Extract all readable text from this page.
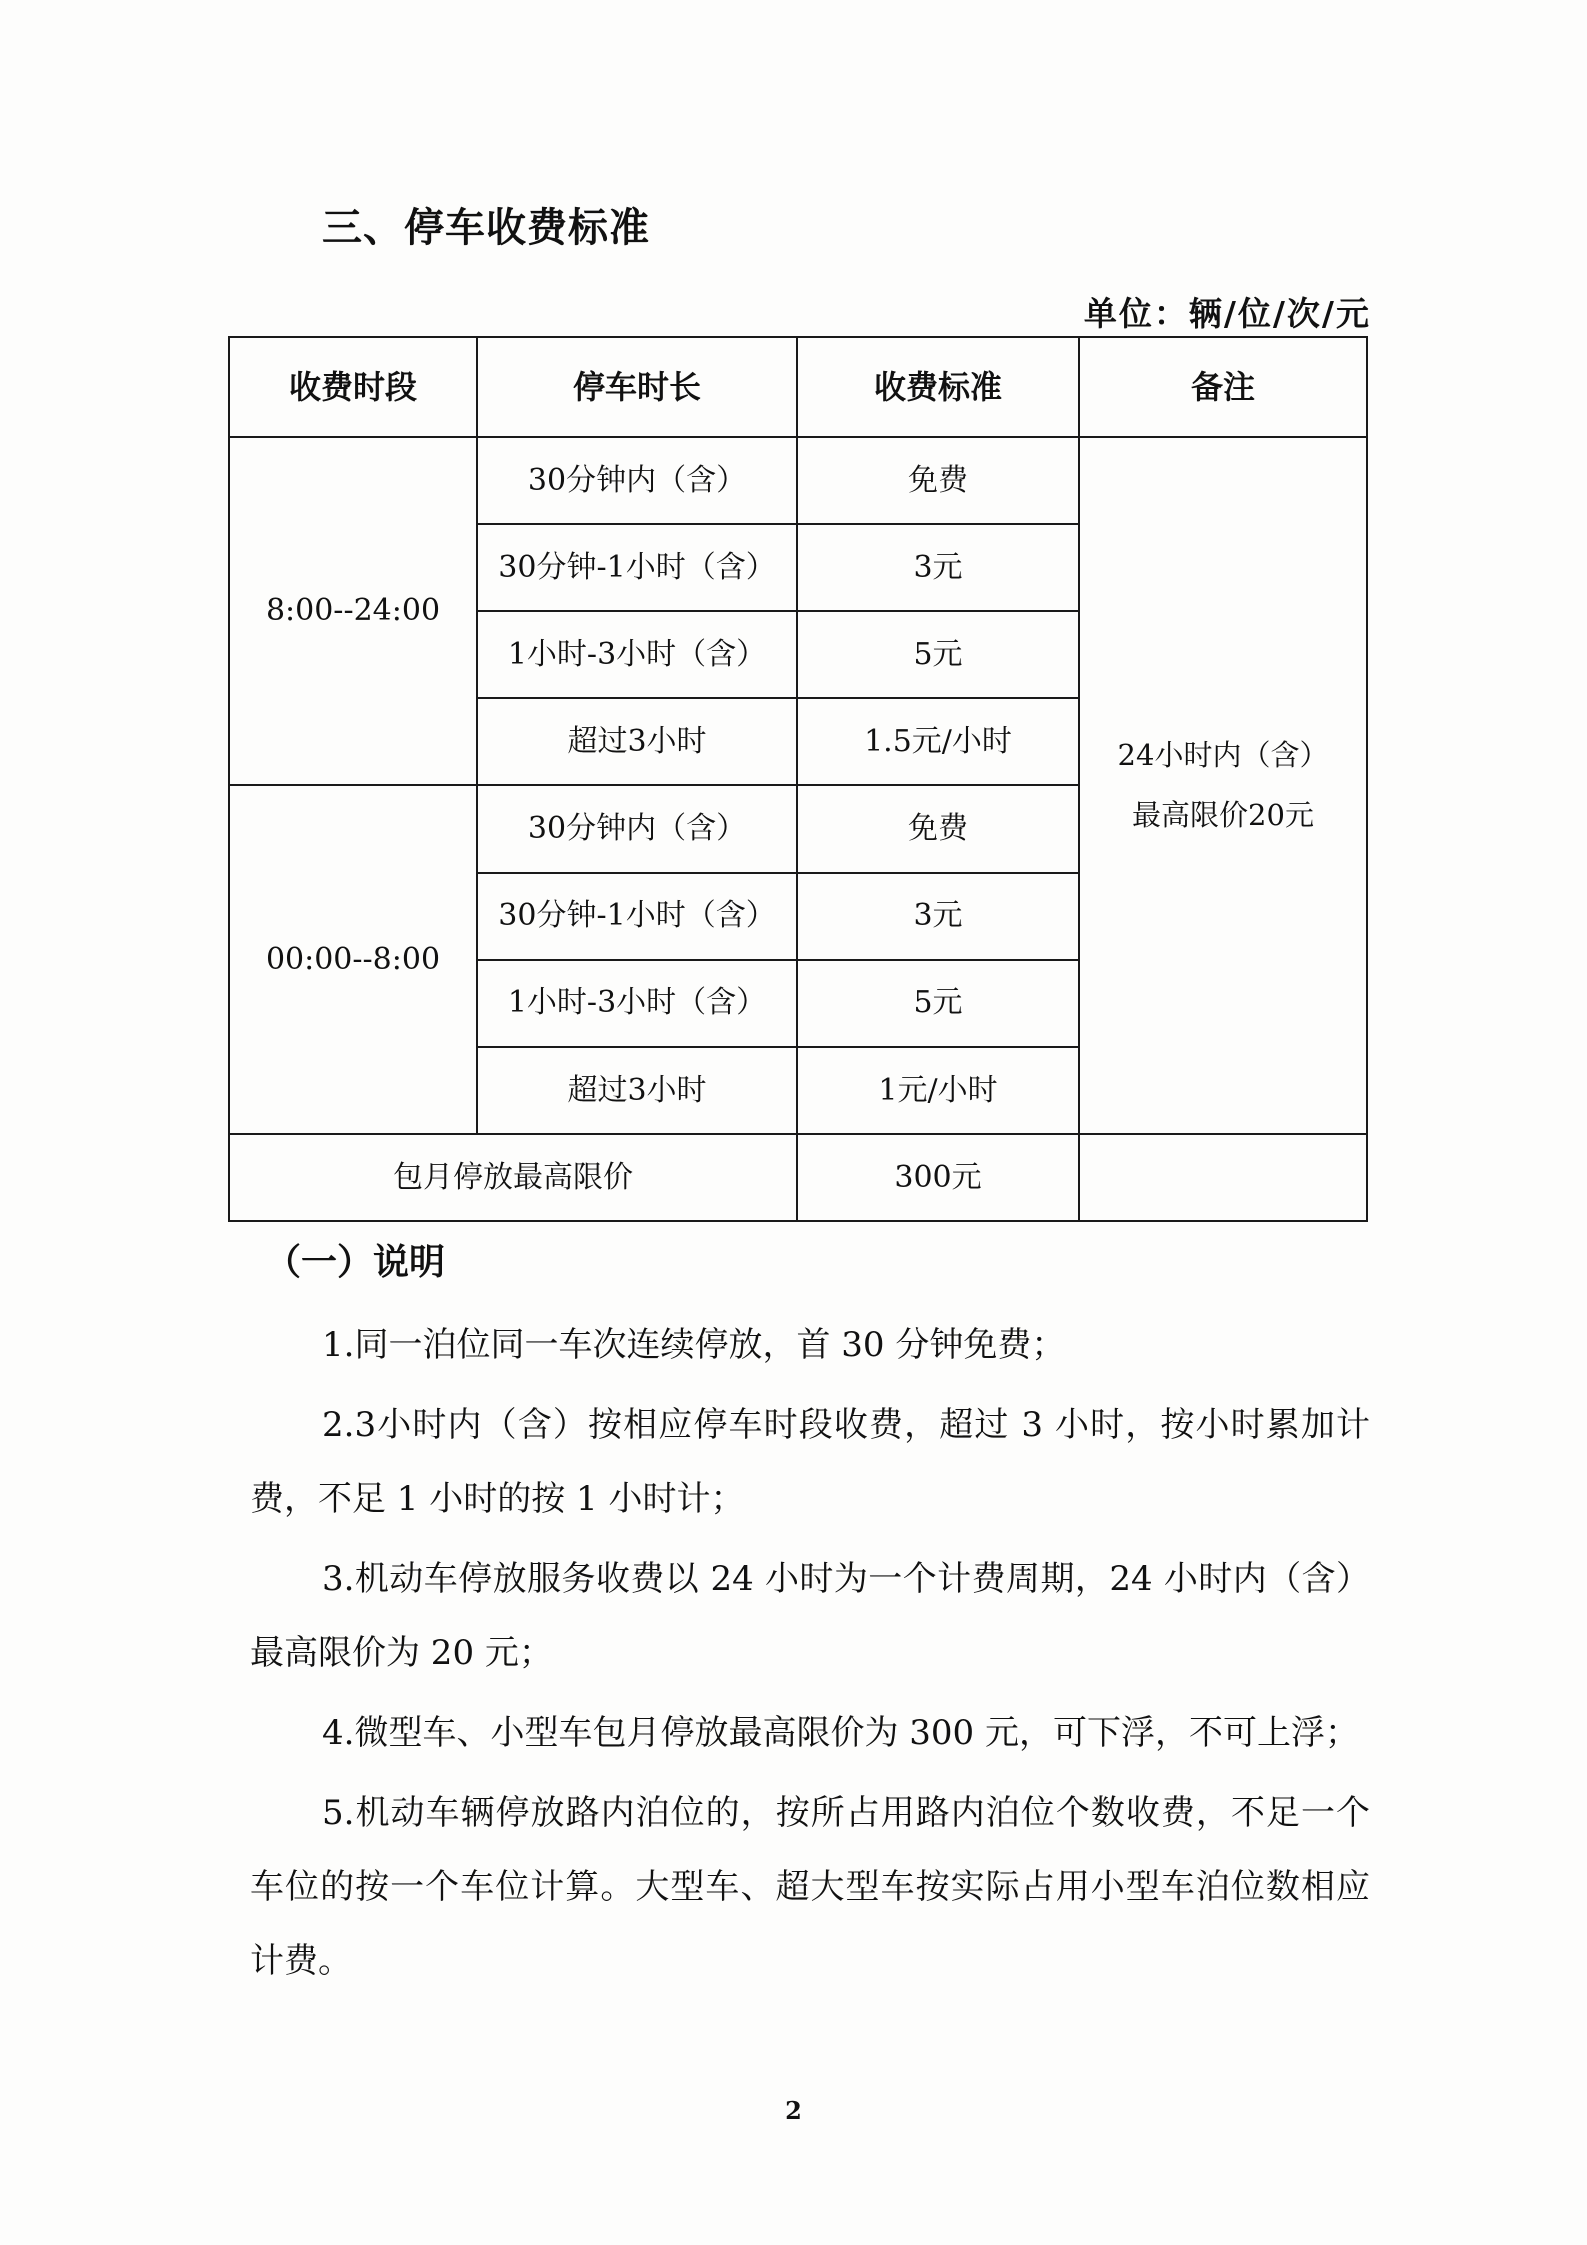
三、停车收费标准
单位：辆/位/次/元
收费时段	停车时长	收费标准	备注
8:00--24:00	30分钟内（含）	免费	24小时内（含）最高限价20元
	30分钟-1小时（含）	3元	
	1小时-3小时（含）	5元	
	超过3小时	1.5元/小时	
00:00--8:00	30分钟内（含）	免费	
	30分钟-1小时（含）	3元	
	1小时-3小时（含）	5元	
	超过3小时	1元/小时	
包月停放最高限价		300元	
（一）说明

1.同一泊位同一车次连续停放，首 30 分钟免费；

2.3小时内（含）按相应停车时段收费，超过 3 小时，按小时累加计费，不足 1 小时的按 1 小时计；

3.机动车停放服务收费以 24 小时为一个计费周期，24 小时内（含）最高限价为 20 元；

4.微型车、小型车包月停放最高限价为 300 元，可下浮，不可上浮；

5.机动车辆停放路内泊位的，按所占用路内泊位个数收费，不足一个车位的按一个车位计算。大型车、超大型车按实际占用小型车泊位数相应计费。

2
